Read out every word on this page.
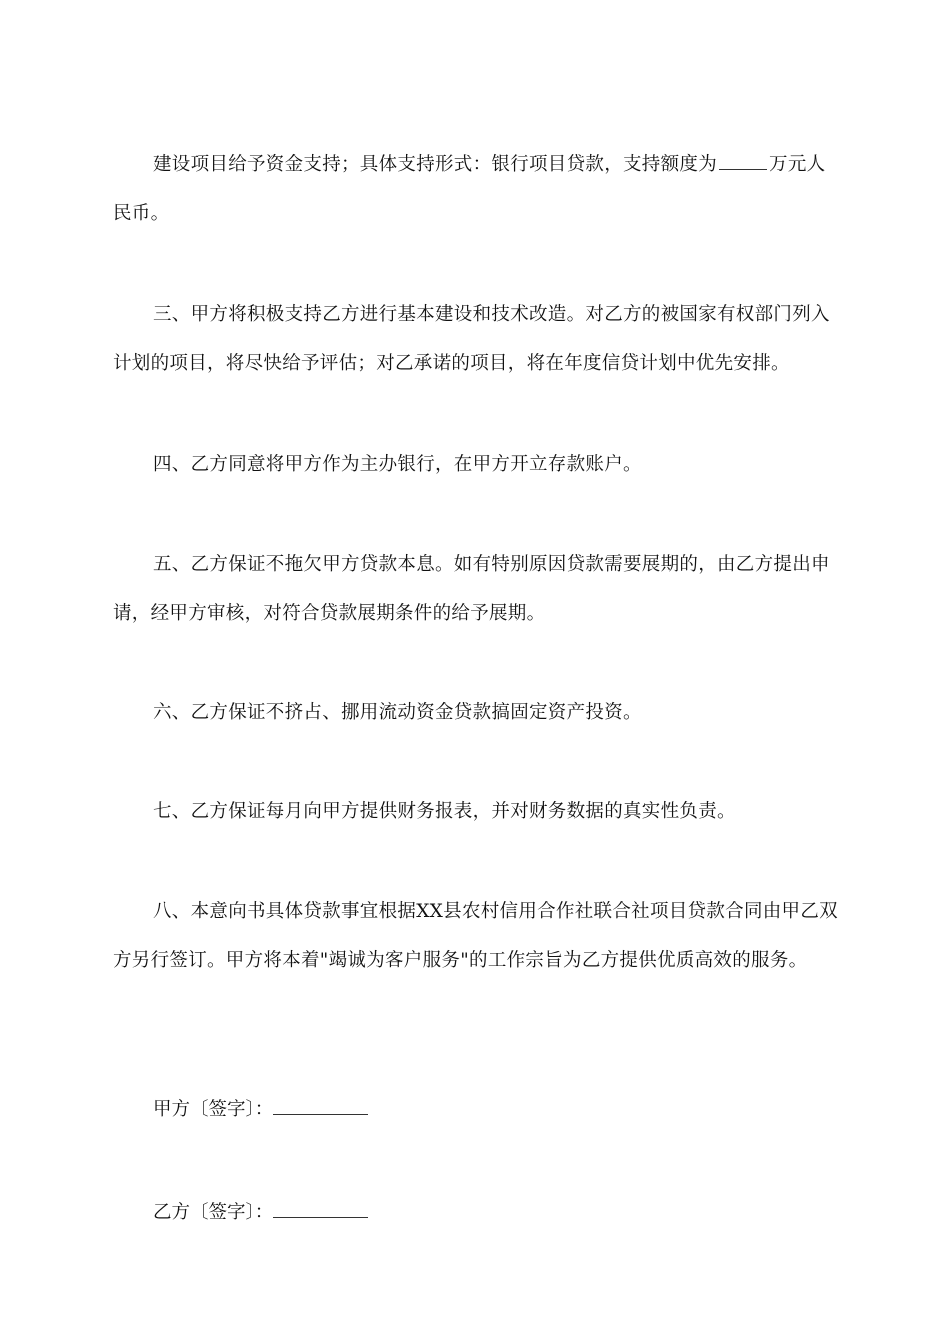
建设项目给予资金支持；具体支持形式：银行项目贷款，支持额度为	万元人民币。

三、甲方将积极支持乙方进行基本建设和技术改造。对乙方的被国家有权部门列入计划的项目，将尽快给予评估；对乙承诺的项目，将在年度信贷计划中优先安排。

四、乙方同意将甲方作为主办银行，在甲方开立存款账户。

五、乙方保证不拖欠甲方贷款本息。如有特别原因贷款需要展期的，由乙方提出申请，经甲方审核，对符合贷款展期条件的给予展期。

六、乙方保证不挤占、挪用流动资金贷款搞固定资产投资。

七、乙方保证每月向甲方提供财务报表，并对财务数据的真实性负责。

八、本意向书具体贷款事宜根据XX县农村信用合作社联合社项目贷款合同由甲乙双方另行签订。甲方将本着"竭诚为客户服务"的工作宗旨为乙方提供优质高效的服务。

甲方〔签字〕：

乙方〔签字〕：
